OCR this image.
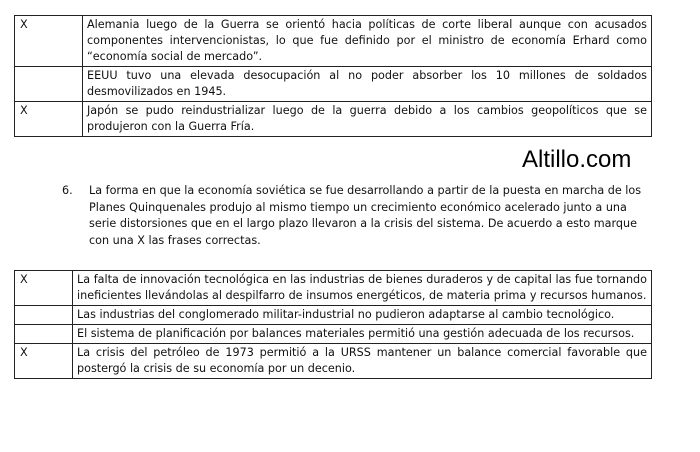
X	Alemania luego de la Guerra se orientó hacia políticas de corte liberal aunque con acusados componentes intervencionistas, lo que fue definido por el ministro de economía Erhard como “economía social de mercado”.
	EEUU tuvo una elevada desocupación al no poder absorber los 10 millones de soldados desmovilizados en 1945.
X	Japón se pudo reindustrializar luego de la guerra debido a los cambios geopolíticos que se produjeron con la Guerra Fría.
Altillo.com
6.	La forma en que la economía soviética se fue desarrollando a partir de la puesta en marcha de los Planes Quinquenales produjo al mismo tiempo un crecimiento económico acelerado junto a una serie distorsiones que en el largo plazo llevaron a la crisis del sistema. De acuerdo a esto marque con una X las frases correctas.
X	La falta de innovación tecnológica en las industrias de bienes duraderos y de capital las fue tornando ineficientes llevándolas al despilfarro de insumos energéticos, de materia prima y recursos humanos.
	Las industrias del conglomerado militar-industrial no pudieron adaptarse al cambio tecnológico.
	El sistema de planificación por balances materiales permitió una gestión adecuada de los recursos.
X	La crisis del petróleo de 1973 permitió a la URSS mantener un balance comercial favorable que postergó la crisis de su economía por un decenio.
